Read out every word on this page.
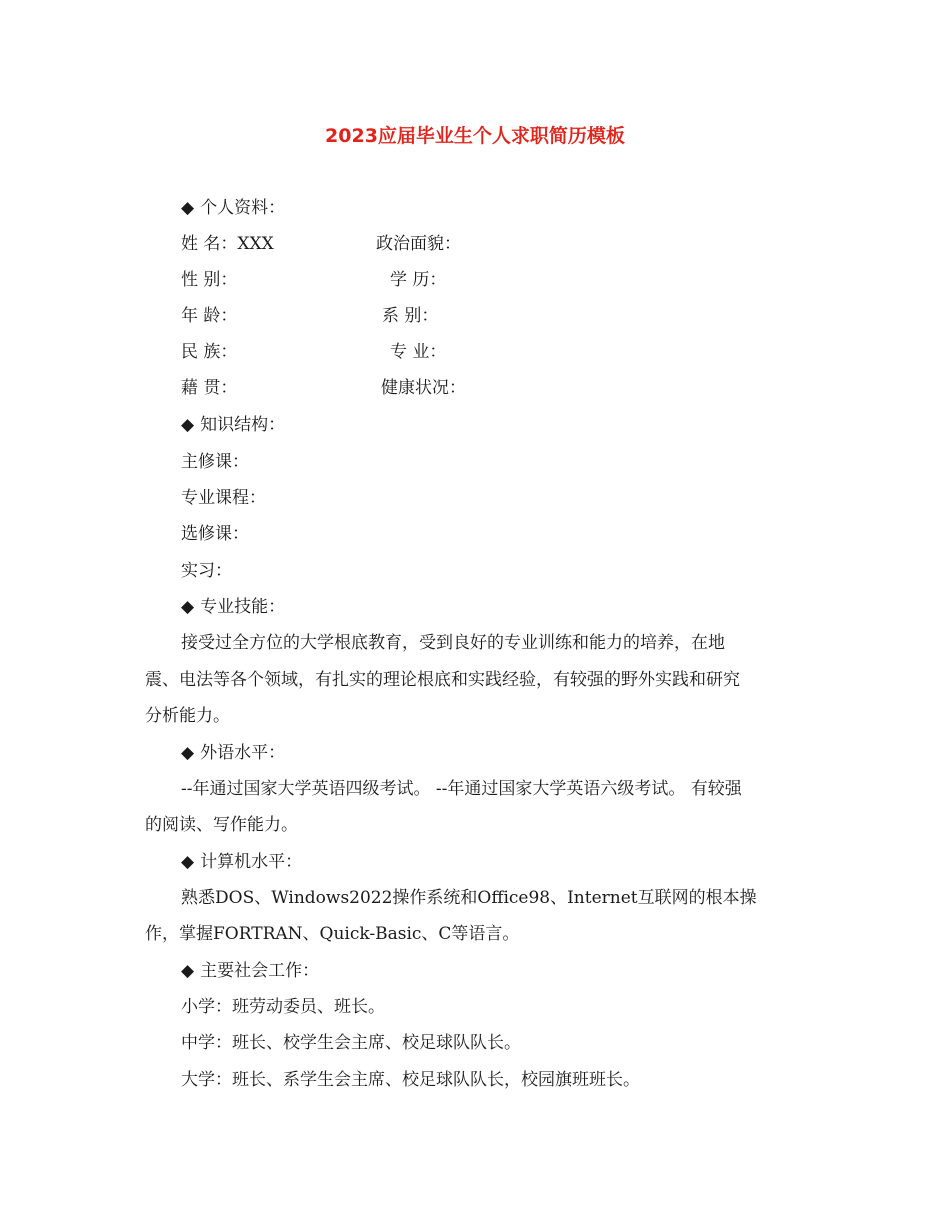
2023应届毕业生个人求职简历模板
◆ 个人资料：
姓 名：XXX	政治面貌：
性 别：	学 历：
年 龄：	系 别：
民 族：	专 业：
藉 贯：	健康状况：
◆ 知识结构：
主修课：
专业课程：
选修课：
实习：
◆ 专业技能：
接受过全方位的大学根底教育，受到良好的专业训练和能力的培养，在地
震、电法等各个领域，有扎实的理论根底和实践经验，有较强的野外实践和研究
分析能力。
◆ 外语水平：
--年通过国家大学英语四级考试。 --年通过国家大学英语六级考试。 有较强
的阅读、写作能力。
◆ 计算机水平：
熟悉DOS、Windows2022操作系统和Office98、Internet互联网的根本操
作，掌握FORTRAN、Quick-Basic、C等语言。
◆ 主要社会工作：
小学：班劳动委员、班长。
中学：班长、校学生会主席、校足球队队长。
大学：班长、系学生会主席、校足球队队长，校园旗班班长。
